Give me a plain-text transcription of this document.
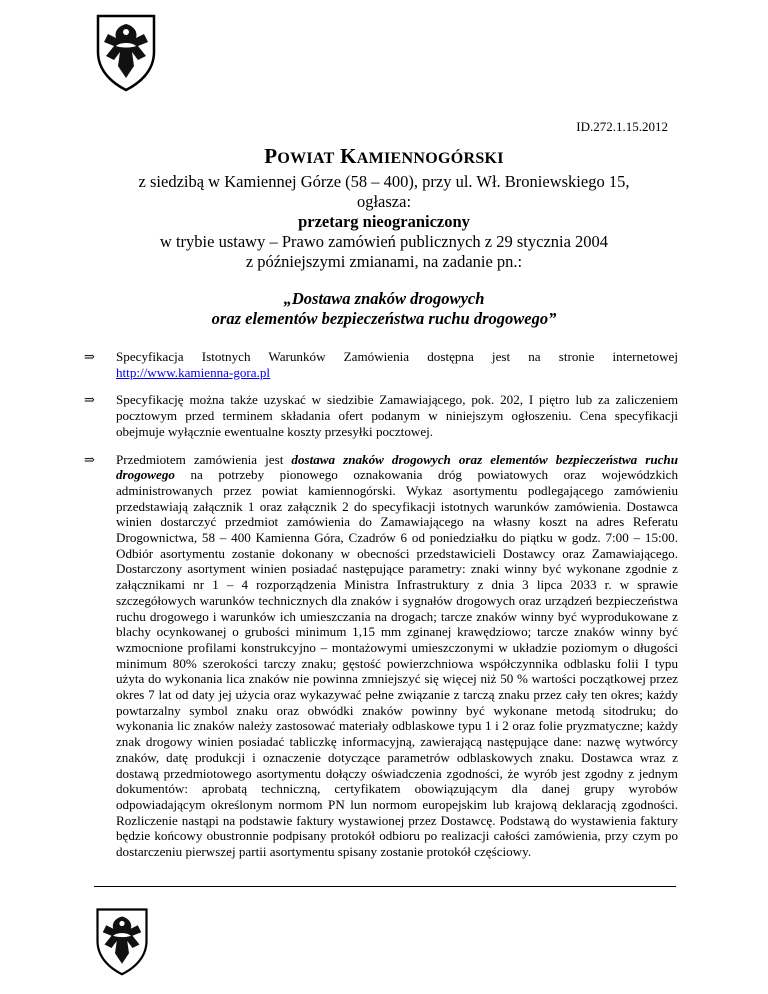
ID.272.1.15.2012

POWIAT KAMIENNOGÓRSKI

z siedzibą w Kamiennej Górze (58 – 400), przy ul. Wł. Broniewskiego 15,

ogłasza:

przetarg nieograniczony

w trybie ustawy – Prawo zamówień publicznych z 29 stycznia 2004

z późniejszymi zmianami, na zadanie pn.:

„Dostawa znaków drogowych
oraz elementów bezpieczeństwa ruchu drogowego”
⇒	Specyfikacja Istotnych Warunków Zamówienia dostępna jest na stronie internetowej http://www.kamienna-gora.pl
⇒	Specyfikację można także uzyskać w siedzibie Zamawiającego, pok. 202, I piętro lub za zaliczeniem pocztowym przed terminem składania ofert podanym w niniejszym ogłoszeniu. Cena specyfikacji obejmuje wyłącznie ewentualne koszty przesyłki pocztowej.
⇒	Przedmiotem zamówienia jest dostawa znaków drogowych oraz elementów bezpieczeństwa ruchu drogowego na potrzeby pionowego oznakowania dróg powiatowych oraz wojewódzkich administrowanych przez powiat kamiennogórski. Wykaz asortymentu podlegającego zamówieniu przedstawiają załącznik 1 oraz załącznik 2 do specyfikacji istotnych warunków zamówienia. Dostawca winien dostarczyć przedmiot zamówienia do Zamawiającego na własny koszt na adres Referatu Drogownictwa, 58 – 400 Kamienna Góra, Czadrów 6 od poniedziałku do piątku w godz. 7:00 – 15:00. Odbiór asortymentu zostanie dokonany w obecności przedstawicieli Dostawcy oraz Zamawiającego. Dostarczony asortyment winien posiadać następujące parametry: znaki winny być wykonane zgodnie z załącznikami nr 1 – 4 rozporządzenia Ministra Infrastruktury z dnia 3 lipca 2033 r. w sprawie szczegółowych warunków technicznych dla znaków i sygnałów drogowych oraz urządzeń bezpieczeństwa ruchu drogowego i warunków ich umieszczania na drogach; tarcze znaków winny być wyprodukowane z blachy ocynkowanej o grubości minimum 1,15 mm zginanej krawędziowo; tarcze znaków winny być wzmocnione profilami konstrukcyjno – montażowymi umieszczonymi w układzie poziomym o długości minimum 80% szerokości tarczy znaku; gęstość powierzchniowa współczynnika odblasku folii I typu użyta do wykonania lica znaków nie powinna zmniejszyć się więcej niż 50 % wartości początkowej przez okres 7 lat od daty jej użycia oraz wykazywać pełne związanie z tarczą znaku przez cały ten okres; każdy powtarzalny symbol znaku oraz obwódki znaków powinny być wykonane metodą sitodruku; do wykonania lic znaków należy zastosować materiały odblaskowe typu 1 i 2 oraz folie pryzmatyczne; każdy znak drogowy winien posiadać tabliczkę informacyjną, zawierającą następujące dane: nazwę wytwórcy znaków, datę produkcji i oznaczenie dotyczące parametrów odblaskowych znaku. Dostawca wraz z dostawą przedmiotowego asortymentu dołączy oświadczenia zgodności, że wyrób jest zgodny z jednym dokumentów: aprobatą techniczną, certyfikatem obowiązującym dla danej grupy wyrobów odpowiadającym określonym normom PN lun normom europejskim lub krajową deklaracją zgodności. Rozliczenie nastąpi na podstawie faktury wystawionej przez Dostawcę. Podstawą do wystawienia faktury będzie końcowy obustronnie podpisany protokół odbioru po realizacji całości zamówienia, przy czym po dostarczeniu pierwszej partii asortymentu spisany zostanie protokół częściowy.
